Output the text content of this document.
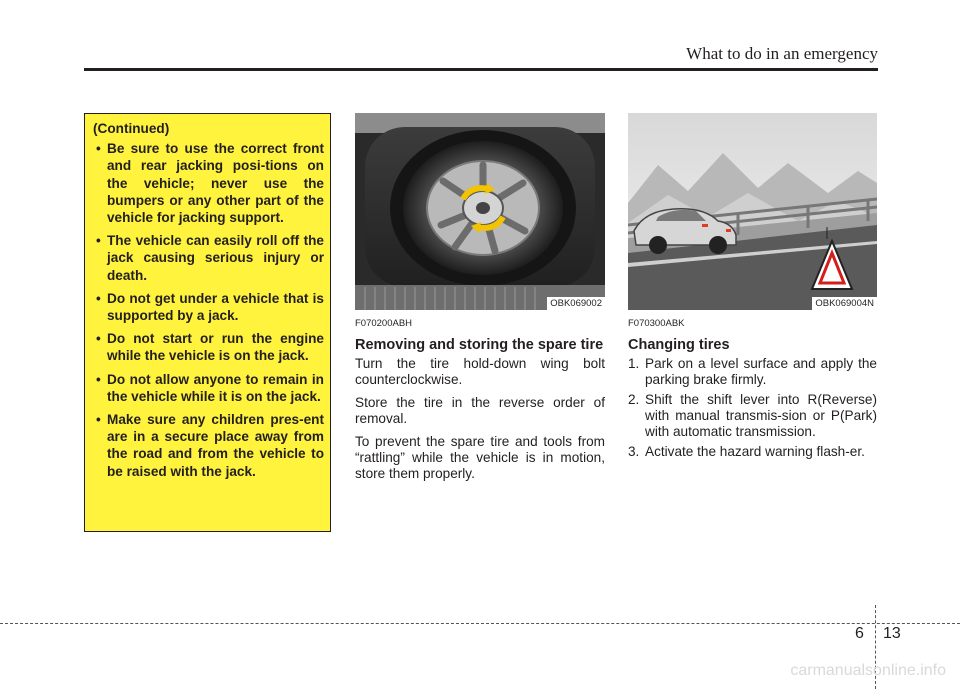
What to do in an emergency
(Continued)
• Be sure to use the correct front and rear jacking posi-tions on the vehicle; never use the bumpers or any other part of the vehicle for jacking support.
• The vehicle can easily roll off the jack causing serious injury or death.
• Do not get under a vehicle that is supported by a jack.
• Do not start or run the engine while the vehicle is on the jack.
• Do not allow anyone to remain in the vehicle while it is on the jack.
• Make sure any children pres-ent are in a secure place away from the road and from the vehicle to be raised with the jack.
OBK069002	OBK069004N

F070200ABH

Removing and storing the spare tire

Turn the tire hold-down wing bolt counterclockwise.

Store the tire in the reverse order of removal.

To prevent the spare tire and tools from “rattling” while the vehicle is in motion, store them properly.

F070300ABK

Changing tires

1. Park on a level surface and apply the parking brake firmly.
2. Shift the shift lever into R(Reverse) with manual transmis-sion or P(Park) with automatic transmission.
3. Activate the hazard warning flash-er.
6 13
carmanualsonline.info
